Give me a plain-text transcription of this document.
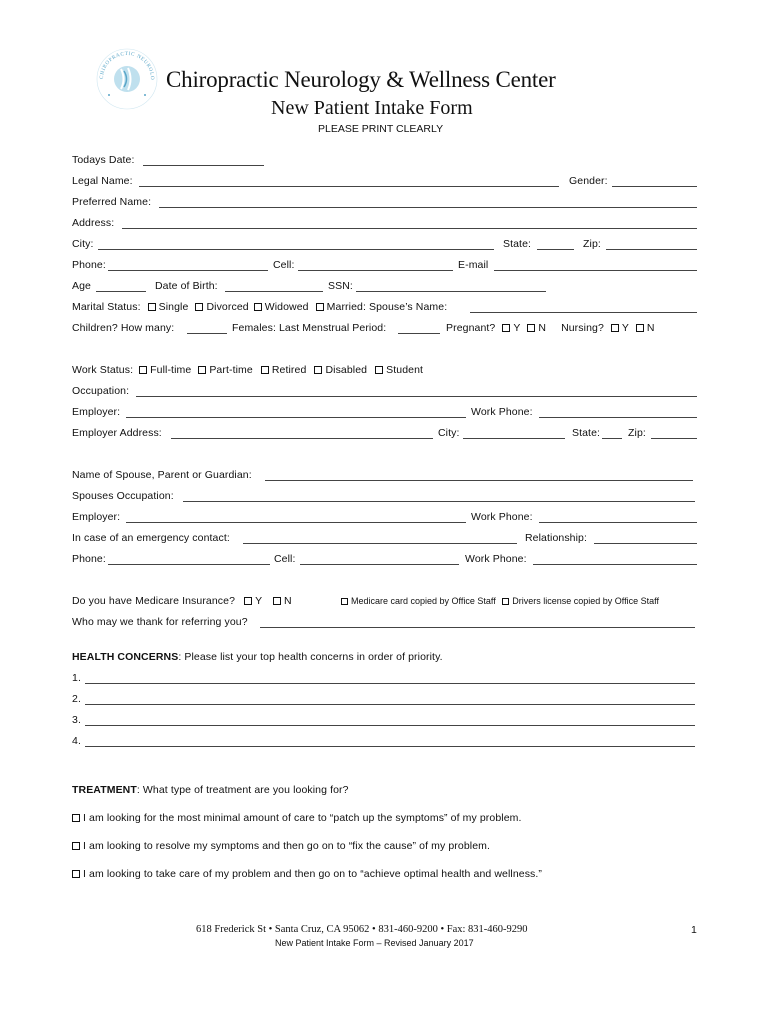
CHIROPRACTIC NEUROLO Chiropractic Neurology & Wellness Center
New Patient Intake Form
PLEASE PRINT CLEARLY
Todays Date:
Legal Name:	Gender:
Preferred Name:
Address:
City:	State:	Zip:
Phone:	Cell:	E-mail
Age	Date of Birth:	SSN:
Marital Status: Single Divorced Widowed Married: Spouse’s Name:
Children? How many:	Females: Last Menstrual Period:	Pregnant? Y N Nursing? Y N
Work Status: Full-time Part-time Retired Disabled Student
Occupation:
Employer:	Work Phone:
Employer Address:	City:	State:	Zip:
Name of Spouse, Parent or Guardian:
Spouses Occupation:
Employer:	Work Phone:
In case of an emergency contact:	Relationship:
Phone:	Cell:	Work Phone:
Do you have Medicare Insurance? Y N	Medicare card copied by Office Staff Drivers license copied by Office Staff
Who may we thank for referring you?
HEALTH CONCERNS: Please list your top health concerns in order of priority.
1.
2.
3.
4.
TREATMENT: What type of treatment are you looking for?
I am looking for the most minimal amount of care to “patch up the symptoms” of my problem.
I am looking to resolve my symptoms and then go on to “fix the cause” of my problem.
I am looking to take care of my problem and then go on to “achieve optimal health and wellness.”
618 Frederick St • Santa Cruz, CA 95062 • 831-460-9200 • Fax: 831-460-9290
New Patient Intake Form – Revised January 2017
1
